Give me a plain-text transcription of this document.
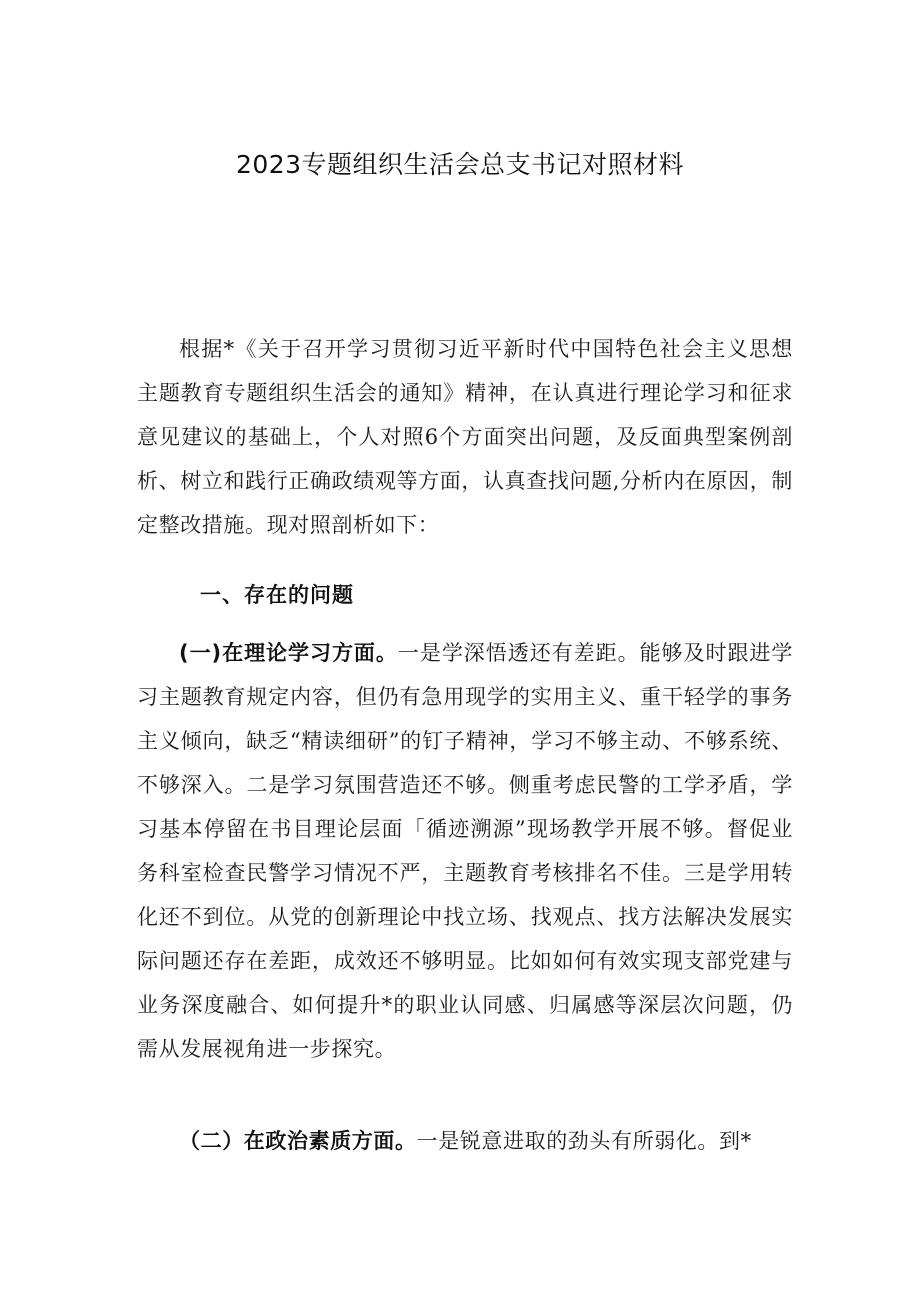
2023专题组织生活会总支书记对照材料
根据*《关于召开学习贯彻习近平新时代中国特色社会主义思想主题教育专题组织生活会的通知》精神，在认真进行理论学习和征求意见建议的基础上，个人对照6个方面突出问题，及反面典型案例剖析、树立和践行正确政绩观等方面，认真查找问题,分析内在原因，制定整改措施。现对照剖析如下：
一、存在的问题
(一)在理论学习方面。一是学深悟透还有差距。能够及时跟进学习主题教育规定内容，但仍有急用现学的实用主义、重干轻学的事务主义倾向，缺乏“精读细研”的钉子精神，学习不够主动、不够系统、不够深入。二是学习氛围营造还不够。侧重考虑民警的工学矛盾，学习基本停留在书目理论层面「循迹溯源”现场教学开展不够。督促业务科室检查民警学习情况不严，主题教育考核排名不佳。三是学用转化还不到位。从党的创新理论中找立场、找观点、找方法解决发展实际问题还存在差距，成效还不够明显。比如如何有效实现支部党建与业务深度融合、如何提升*的职业认同感、归属感等深层次问题，仍需从发展视角进一步探究。
（二）在政治素质方面。一是锐意进取的劲头有所弱化。到*
